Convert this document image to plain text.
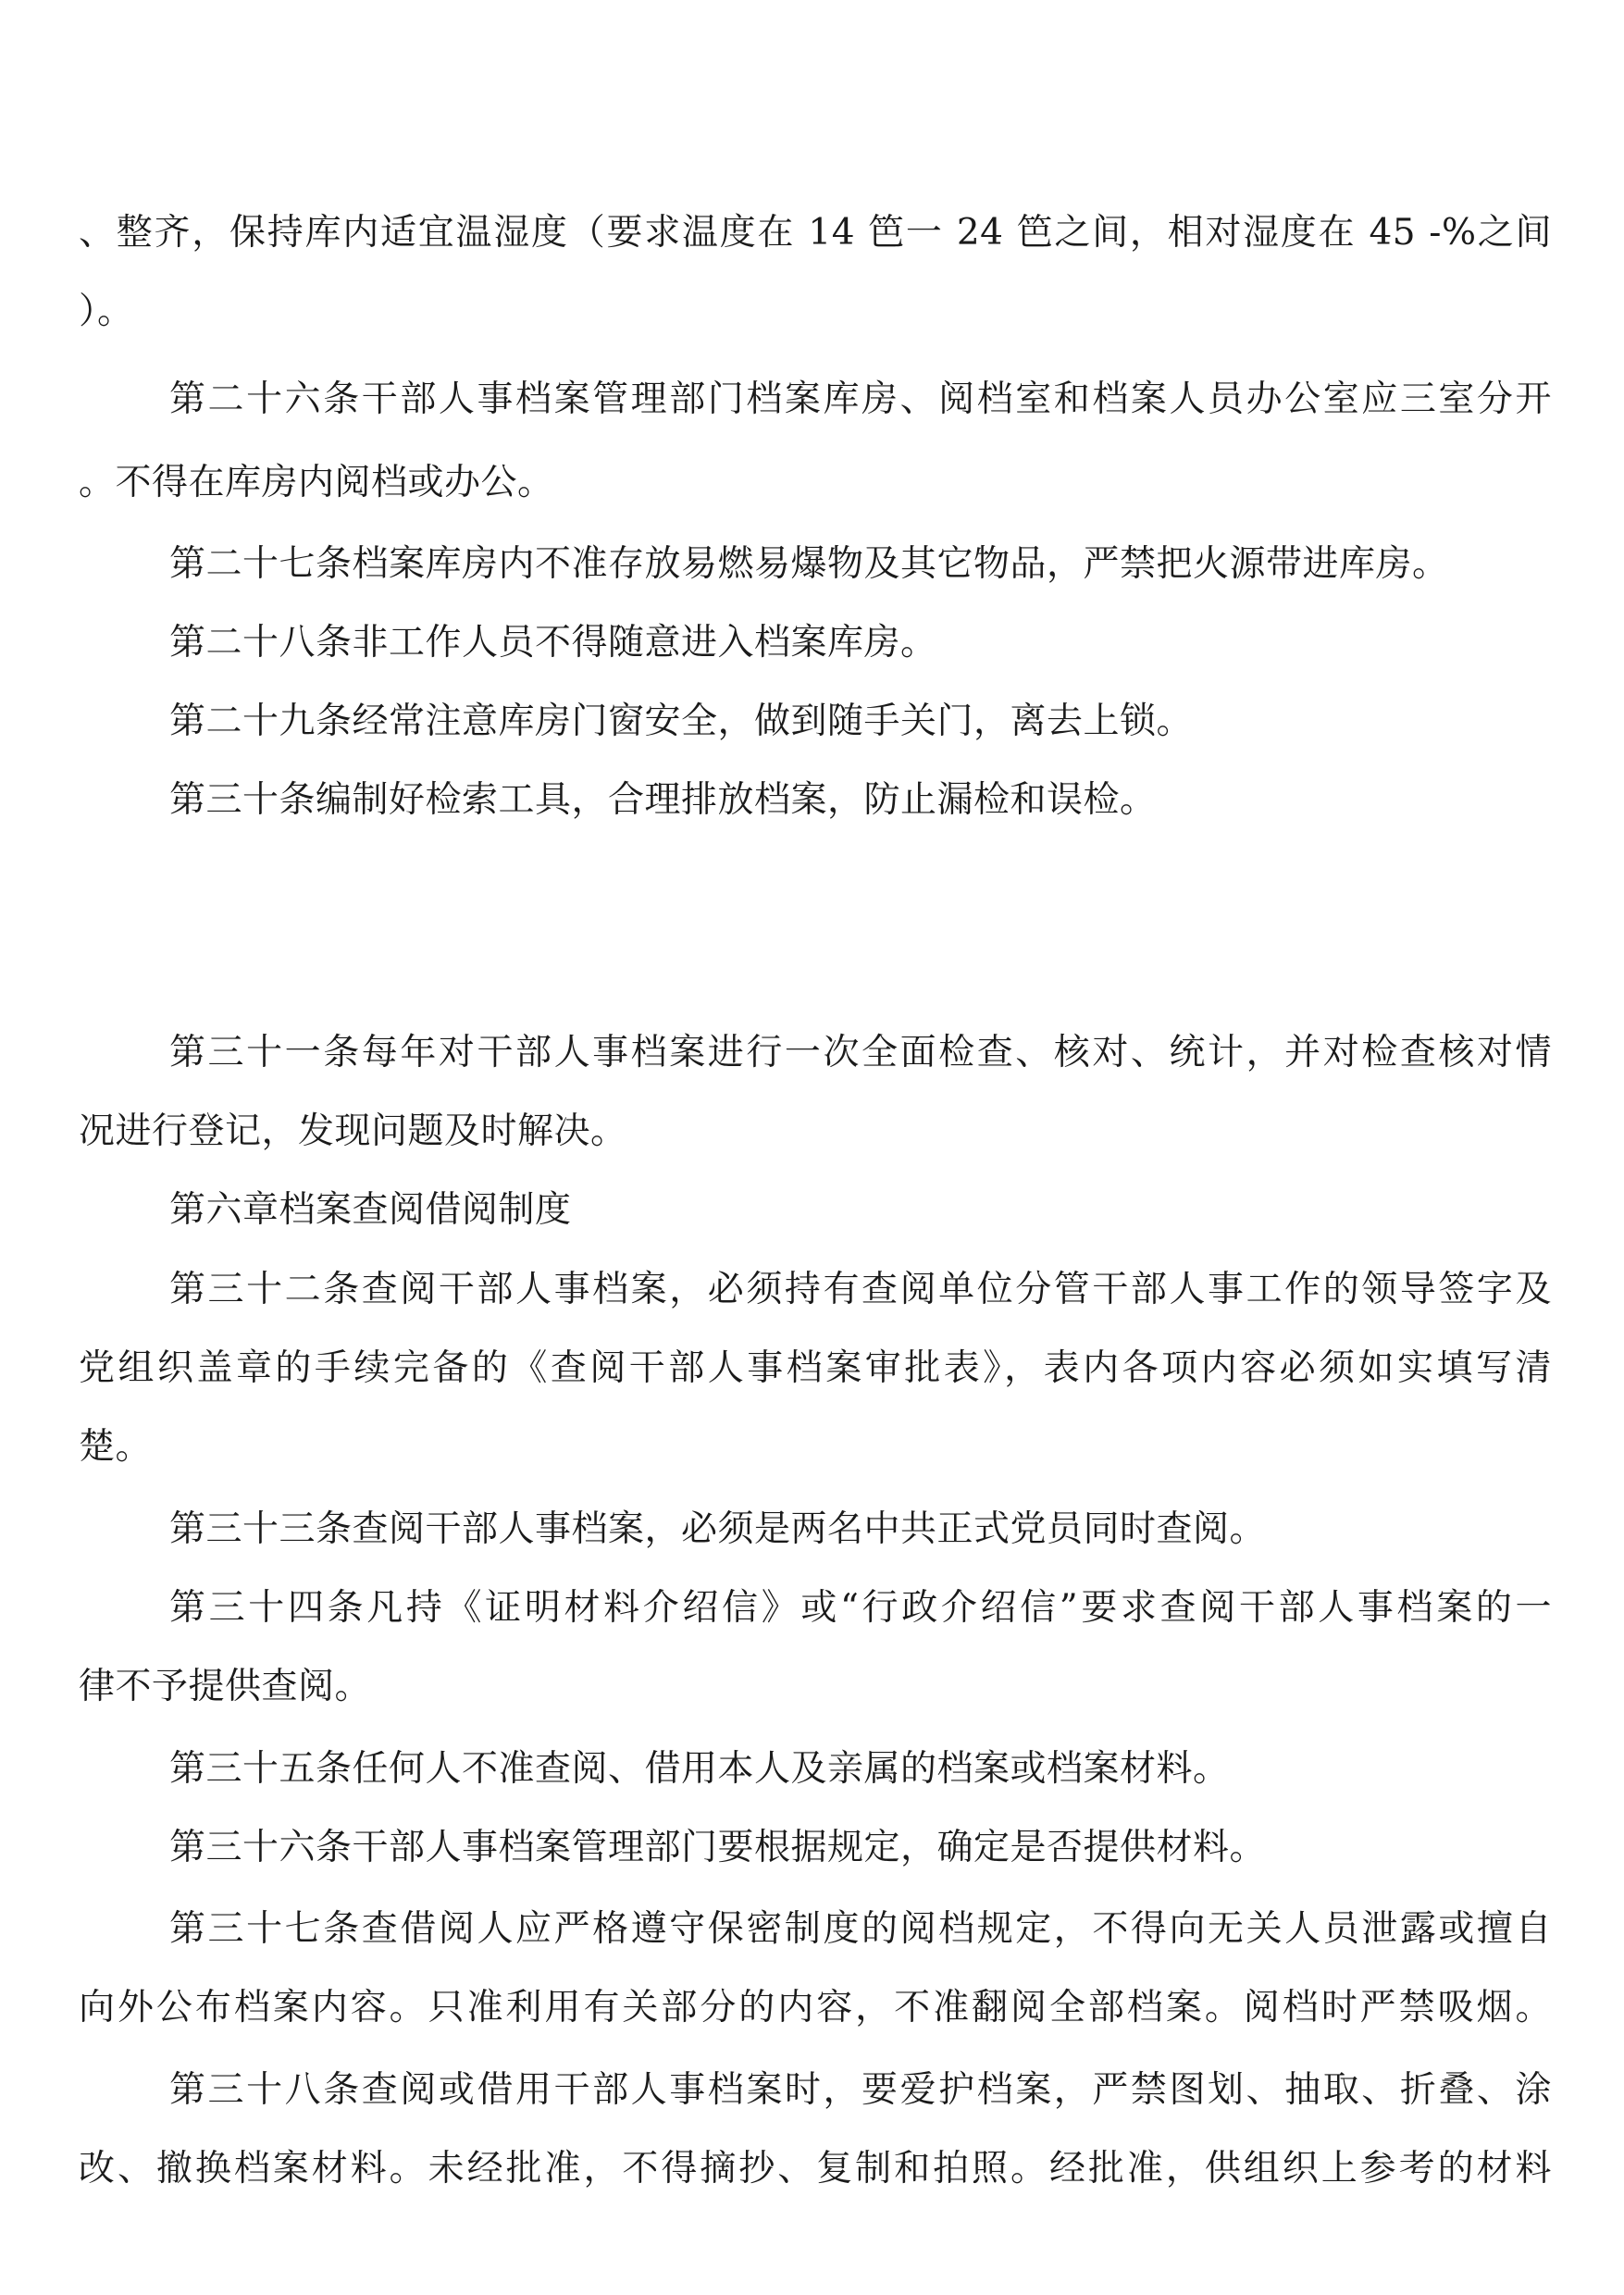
、整齐，保持库内适宜温湿度（要求温度在 14 笆一 24 笆之间，相对湿度在 45 -%之间
）。
第二十六条干部人事档案管理部门档案库房、阅档室和档案人员办公室应三室分开
。不得在库房内阅档或办公。
第二十七条档案库房内不准存放易燃易爆物及其它物品，严禁把火源带进库房。
第二十八条非工作人员不得随意进入档案库房。
第二十九条经常注意库房门窗安全，做到随手关门，离去上锁。
第三十条编制好检索工具，合理排放档案，防止漏检和误检。
第三十一条每年对干部人事档案进行一次全面检查、核对、统计，并对检查核对情
况进行登记，发现问题及时解决。
第六章档案查阅借阅制度
第三十二条查阅干部人事档案，必须持有查阅单位分管干部人事工作的领导签字及
党组织盖章的手续完备的《查阅干部人事档案审批表》，表内各项内容必须如实填写清
楚。
第三十三条查阅干部人事档案，必须是两名中共正式党员同时查阅。
第三十四条凡持《证明材料介绍信》或“行政介绍信”要求查阅干部人事档案的一
律不予提供查阅。
第三十五条任何人不准查阅、借用本人及亲属的档案或档案材料。
第三十六条干部人事档案管理部门要根据规定，确定是否提供材料。
第三十七条查借阅人应严格遵守保密制度的阅档规定，不得向无关人员泄露或擅自
向外公布档案内容。只准利用有关部分的内容，不准翻阅全部档案。阅档时严禁吸烟。
第三十八条查阅或借用干部人事档案时，要爱护档案，严禁图划、抽取、折叠、涂
改、撤换档案材料。未经批准，不得摘抄、复制和拍照。经批准，供组织上参考的材料
